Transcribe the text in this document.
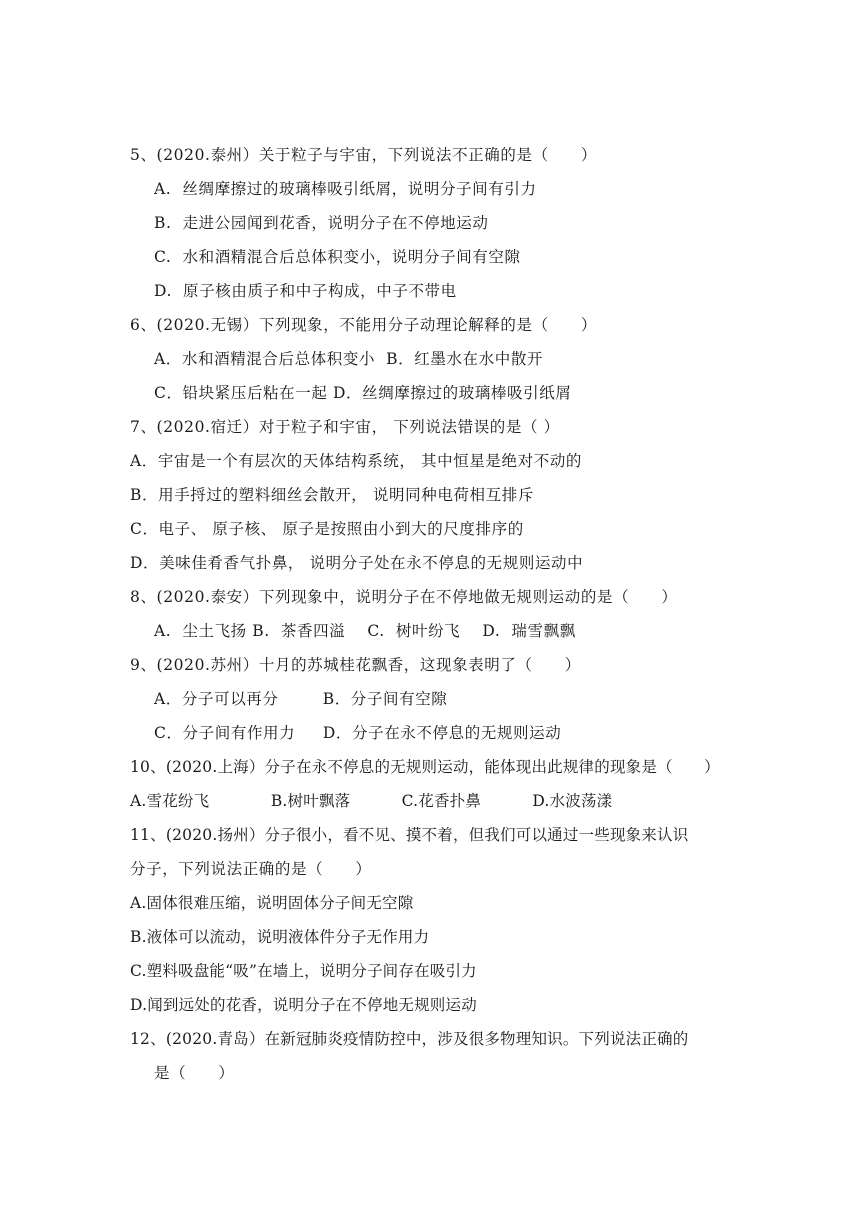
5、(2020.泰州）关于粒子与宇宙，下列说法不正确的是（　　）
A.  丝绸摩擦过的玻璃棒吸引纸屑，说明分子间有引力
B.  走进公园闻到花香，说明分子在不停地运动
C.  水和酒精混合后总体积变小，说明分子间有空隙
D.  原子核由质子和中子构成，中子不带电
6、(2020.无锡）下列现象，不能用分子动理论解释的是（　　）
A．水和酒精混合后总体积变小  B．红墨水在水中散开
C．铅块紧压后粘在一起 D．丝绸摩擦过的玻璃棒吸引纸屑
7、(2020.宿迁）对于粒子和宇宙， 下列说法错误的是（ ）
A．宇宙是一个有层次的天体结构系统， 其中恒星是绝对不动的
B．用手捋过的塑料细丝会散开， 说明同种电荷相互排斥
C．电子、 原子核、 原子是按照由小到大的尺度排序的
D．美味佳肴香气扑鼻， 说明分子处在永不停息的无规则运动中
8、(2020.泰安）下列现象中，说明分子在不停地做无规则运动的是（　　）
A.  尘土飞扬 B.  茶香四溢    C.  树叶纷飞    D.  瑞雪飘飘
9、(2020.苏州）十月的苏城桂花飘香，这现象表明了（　　）
A．分子可以再分        B．分子间有空隙
C．分子间有作用力     D．分子在永不停息的无规则运动
10、(2020.上海）分子在永不停息的无规则运动，能体现出此规律的现象是（　　）
A.雪花纷飞            B.树叶飘落          C.花香扑鼻          D.水波荡漾
11、(2020.扬州）分子很小，看不见、摸不着，但我们可以通过一些现象来认识
分子，下列说法正确的是（　　）
A.固体很难压缩，说明固体分子间无空隙
B.液体可以流动，说明液体件分子无作用力
C.塑料吸盘能“吸”在墙上，说明分子间存在吸引力
D.闻到远处的花香，说明分子在不停地无规则运动
12、(2020.青岛）在新冠肺炎疫情防控中，涉及很多物理知识。下列说法正确的
是（　　）
